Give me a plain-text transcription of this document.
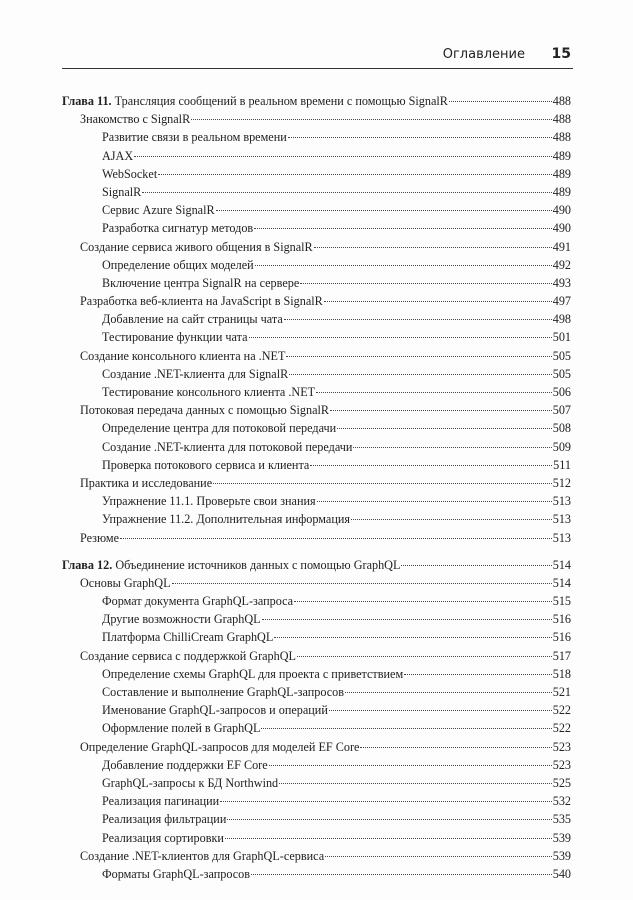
Оглавление 15
Глава 11. Трансляция сообщений в реальном времени с помощью SignalR	488
Знакомство с SignalR	488
Развитие связи в реальном времени	488
AJAX	489
WebSocket	489
SignalR	489
Сервис Azure SignalR	490
Разработка сигнатур методов	490
Создание сервиса живого общения в SignalR	491
Определение общих моделей	492
Включение центра SignalR на сервере	493
Разработка веб-клиента на JavaScript в SignalR	497
Добавление на сайт страницы чата	498
Тестирование функции чата	501
Создание консольного клиента на .NET	505
Создание .NET-клиента для SignalR	505
Тестирование консольного клиента .NET	506
Потоковая передача данных с помощью SignalR	507
Определение центра для потоковой передачи	508
Создание .NET-клиента для потоковой передачи	509
Проверка потокового сервиса и клиента	511
Практика и исследование	512
Упражнение 11.1. Проверьте свои знания	513
Упражнение 11.2. Дополнительная информация	513
Резюме	513
Глава 12. Объединение источников данных с помощью GraphQL	514
Основы GraphQL	514
Формат документа GraphQL-запроса	515
Другие возможности GraphQL	516
Платформа ChilliCream GraphQL	516
Создание сервиса с поддержкой GraphQL	517
Определение схемы GraphQL для проекта с приветствием	518
Составление и выполнение GraphQL-запросов	521
Именование GraphQL-запросов и операций	522
Оформление полей в GraphQL	522
Определение GraphQL-запросов для моделей EF Core	523
Добавление поддержки EF Core	523
GraphQL-запросы к БД Northwind	525
Реализация пагинации	532
Реализация фильтрации	535
Реализация сортировки	539
Создание .NET-клиентов для GraphQL-сервиса	539
Форматы GraphQL-запросов	540
